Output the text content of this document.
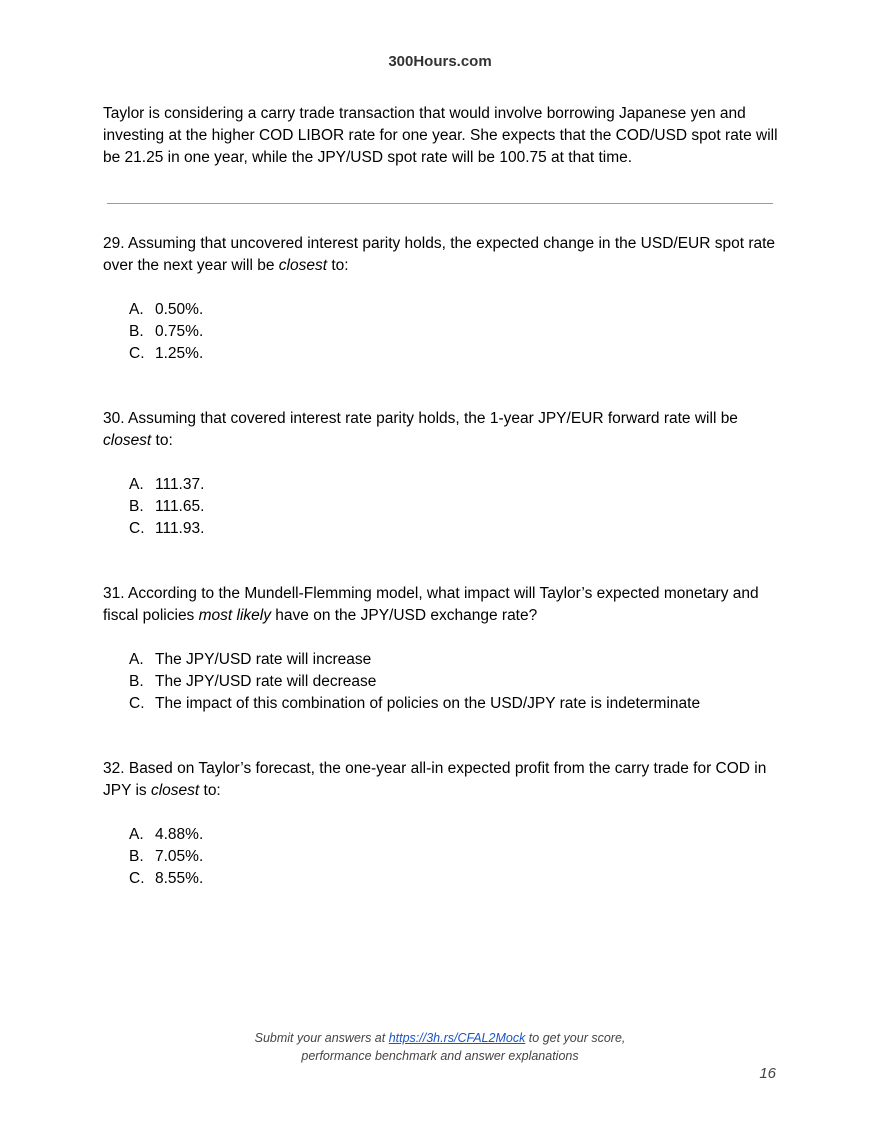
300Hours.com

Taylor is considering a carry trade transaction that would involve borrowing Japanese yen and investing at the higher COD LIBOR rate for one year. She expects that the COD/USD spot rate will be 21.25 in one year, while the JPY/USD spot rate will be 100.75 at that time.

29. Assuming that uncovered interest parity holds, the expected change in the USD/EUR spot rate over the next year will be closest to:

A. 0.50%.
B. 0.75%.
C. 1.25%.

30. Assuming that covered interest rate parity holds, the 1-year JPY/EUR forward rate will be closest to:

A. 111.37.
B. 111.65.
C. 111.93.

31. According to the Mundell-Flemming model, what impact will Taylor’s expected monetary and fiscal policies most likely have on the JPY/USD exchange rate?

A. The JPY/USD rate will increase
B. The JPY/USD rate will decrease
C. The impact of this combination of policies on the USD/JPY rate is indeterminate

32. Based on Taylor’s forecast, the one-year all-in expected profit from the carry trade for COD in JPY is closest to:

A. 4.88%.
B. 7.05%.
C. 8.55%.
Submit your answers at https://3h.rs/CFAL2Mock to get your score,
performance benchmark and answer explanations
16
